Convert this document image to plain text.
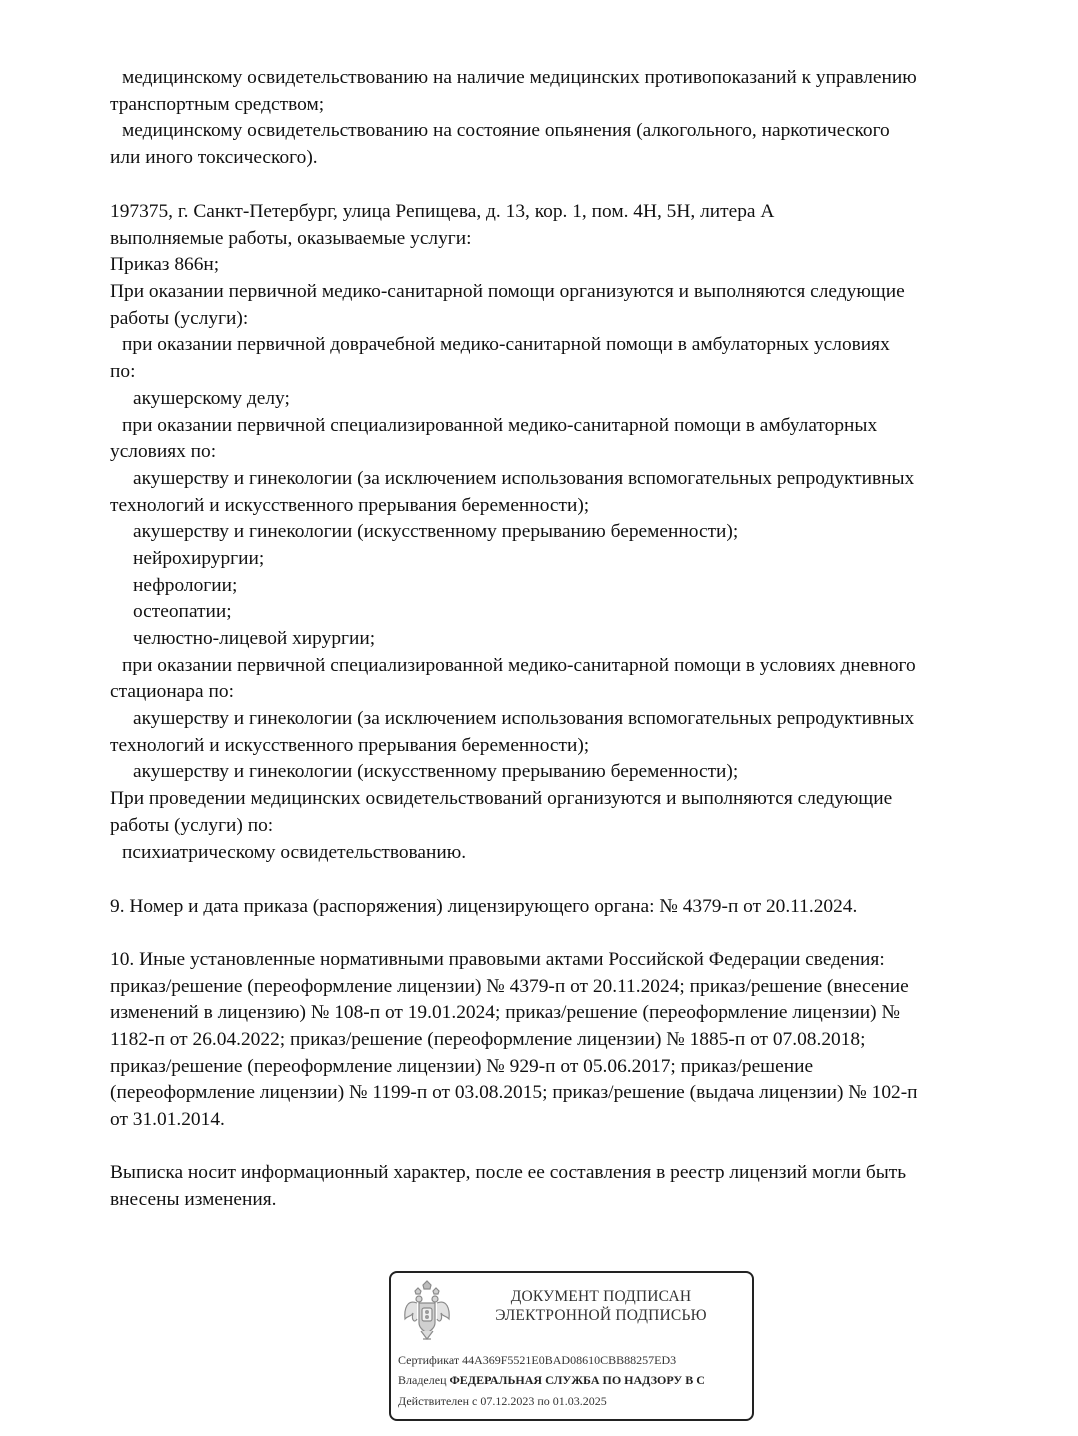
медицинскому освидетельствованию на наличие медицинских противопоказаний к управлению
транспортным средством;
медицинскому освидетельствованию на состояние опьянения (алкогольного, наркотического
или иного токсического).
197375, г. Санкт-Петербург, улица Репищева, д. 13, кор. 1, пом. 4Н, 5Н, литера А
выполняемые работы, оказываемые услуги:
Приказ 866н;
При оказании первичной медико-санитарной помощи организуются и выполняются следующие
работы (услуги):
при оказании первичной доврачебной медико-санитарной помощи в амбулаторных условиях
по:
акушерскому делу;
при оказании первичной специализированной медико-санитарной помощи в амбулаторных
условиях по:
акушерству и гинекологии (за исключением использования вспомогательных репродуктивных
технологий и искусственного прерывания беременности);
акушерству и гинекологии (искусственному прерыванию беременности);
нейрохирургии;
нефрологии;
остеопатии;
челюстно-лицевой хирургии;
при оказании первичной специализированной медико-санитарной помощи в условиях дневного
стационара по:
акушерству и гинекологии (за исключением использования вспомогательных репродуктивных
технологий и искусственного прерывания беременности);
акушерству и гинекологии (искусственному прерыванию беременности);
При проведении медицинских освидетельствований организуются и выполняются следующие
работы (услуги) по:
психиатрическому освидетельствованию.
9. Номер и дата приказа (распоряжения) лицензирующего органа: № 4379-п от 20.11.2024.
10. Иные установленные нормативными правовыми актами Российской Федерации сведения:
приказ/решение (переоформление лицензии) № 4379-п от 20.11.2024; приказ/решение (внесение
изменений в лицензию) № 108-п от 19.01.2024; приказ/решение (переоформление лицензии) №
1182-п от 26.04.2022; приказ/решение (переоформление лицензии) № 1885-п от 07.08.2018;
приказ/решение (переоформление лицензии) № 929-п от 05.06.2017; приказ/решение
(переоформление лицензии) № 1199-п от 03.08.2015; приказ/решение (выдача лицензии) № 102-п
от 31.01.2014.
Выписка носит информационный характер, после ее составления в реестр лицензий могли быть
внесены изменения.
ДОКУМЕНТ ПОДПИСАН
ЭЛЕКТРОННОЙ ПОДПИСЬЮ
Сертификат 44A369F5521E0BAD08610CBB88257ED3
Владелец ФЕДЕРАЛЬНАЯ СЛУЖБА ПО НАДЗОРУ В С
Действителен с 07.12.2023 по 01.03.2025
